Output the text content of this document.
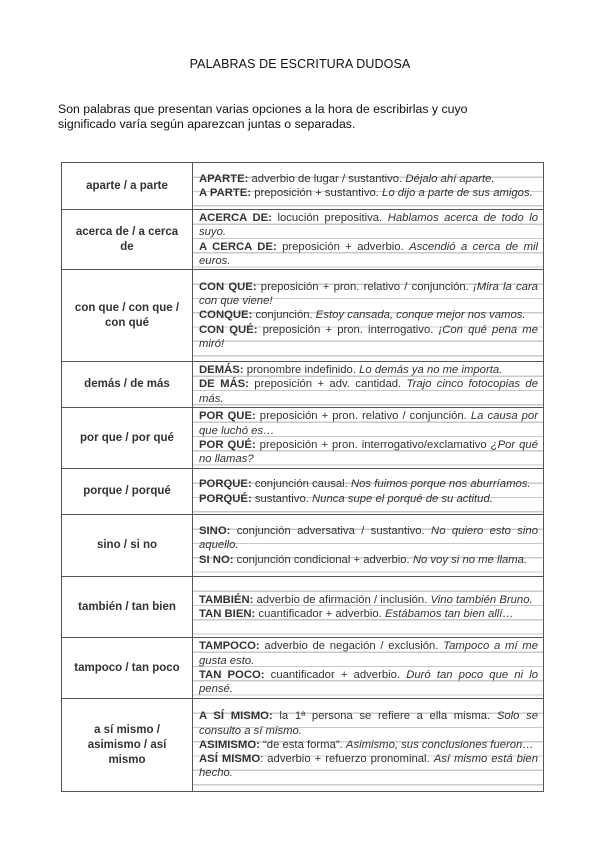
PALABRAS DE ESCRITURA DUDOSA
Son palabras que presentan varias opciones a la hora de escribirlas y cuyo significado varía según aparezcan juntas o separadas.
aparte / a parte	APARTE: adverbio de lugar / sustantivo. Déjalo ahí aparte.
A PARTE: preposición + sustantivo. Lo dijo a parte de sus amigos.

acerca de / a cerca de	ACERCA DE: locución prepositiva. Hablamos acerca de todo lo suyo.
A CERCA DE: preposición + adverbio. Ascendió a cerca de mil euros.

con que / con que / con qué	CON QUE: preposición + pron. relativo / conjunción. ¡Mira la cara con que viene!
CONQUE: conjunción. Estoy cansada, conque mejor nos vamos.
CON QUÉ: preposición + pron. interrogativo. ¡Con qué pena me miró!

demás / de más	DEMÁS: pronombre indefinido. Lo demás ya no me importa.
DE MÁS: preposición + adv. cantidad. Trajo cinco fotocopias de más.

por que / por qué	POR QUE: preposición + pron. relativo / conjunción. La causa por que luchó es…
POR QUÉ: preposición + pron. interrogativo/exclamativo ¿Por qué no llamas?

porque / porqué	PORQUE: conjunción causal. Nos fuimos porque nos aburríamos.
PORQUÉ: sustantivo. Nunca supe el porqué de su actitud.

sino / si no	SINO: conjunción adversativa / sustantivo. No quiero esto sino aquello.
SI NO: conjunción condicional + adverbio. No voy si no me llama.

también / tan bien	TAMBIÉN: adverbio de afirmación / inclusión. Vino también Bruno.
TAN BIEN: cuantificador + adverbio. Estábamos tan bien allí…

tampoco / tan poco	TAMPOCO: adverbio de negación / exclusión. Tampoco a mí me gusta esto.
TAN POCO: cuantificador + adverbio. Duró tan poco que ni lo pensé.

a sí mismo / asimismo / así mismo	A SÍ MISMO: la 1ª persona se refiere a ella misma. Solo se consulto a sí mismo.
ASIMISMO: “de esta forma”. Asimismo, sus conclusiones fueron…
ASÍ MISMO: adverbio + refuerzo pronominal. Así mismo está bien hecho.
